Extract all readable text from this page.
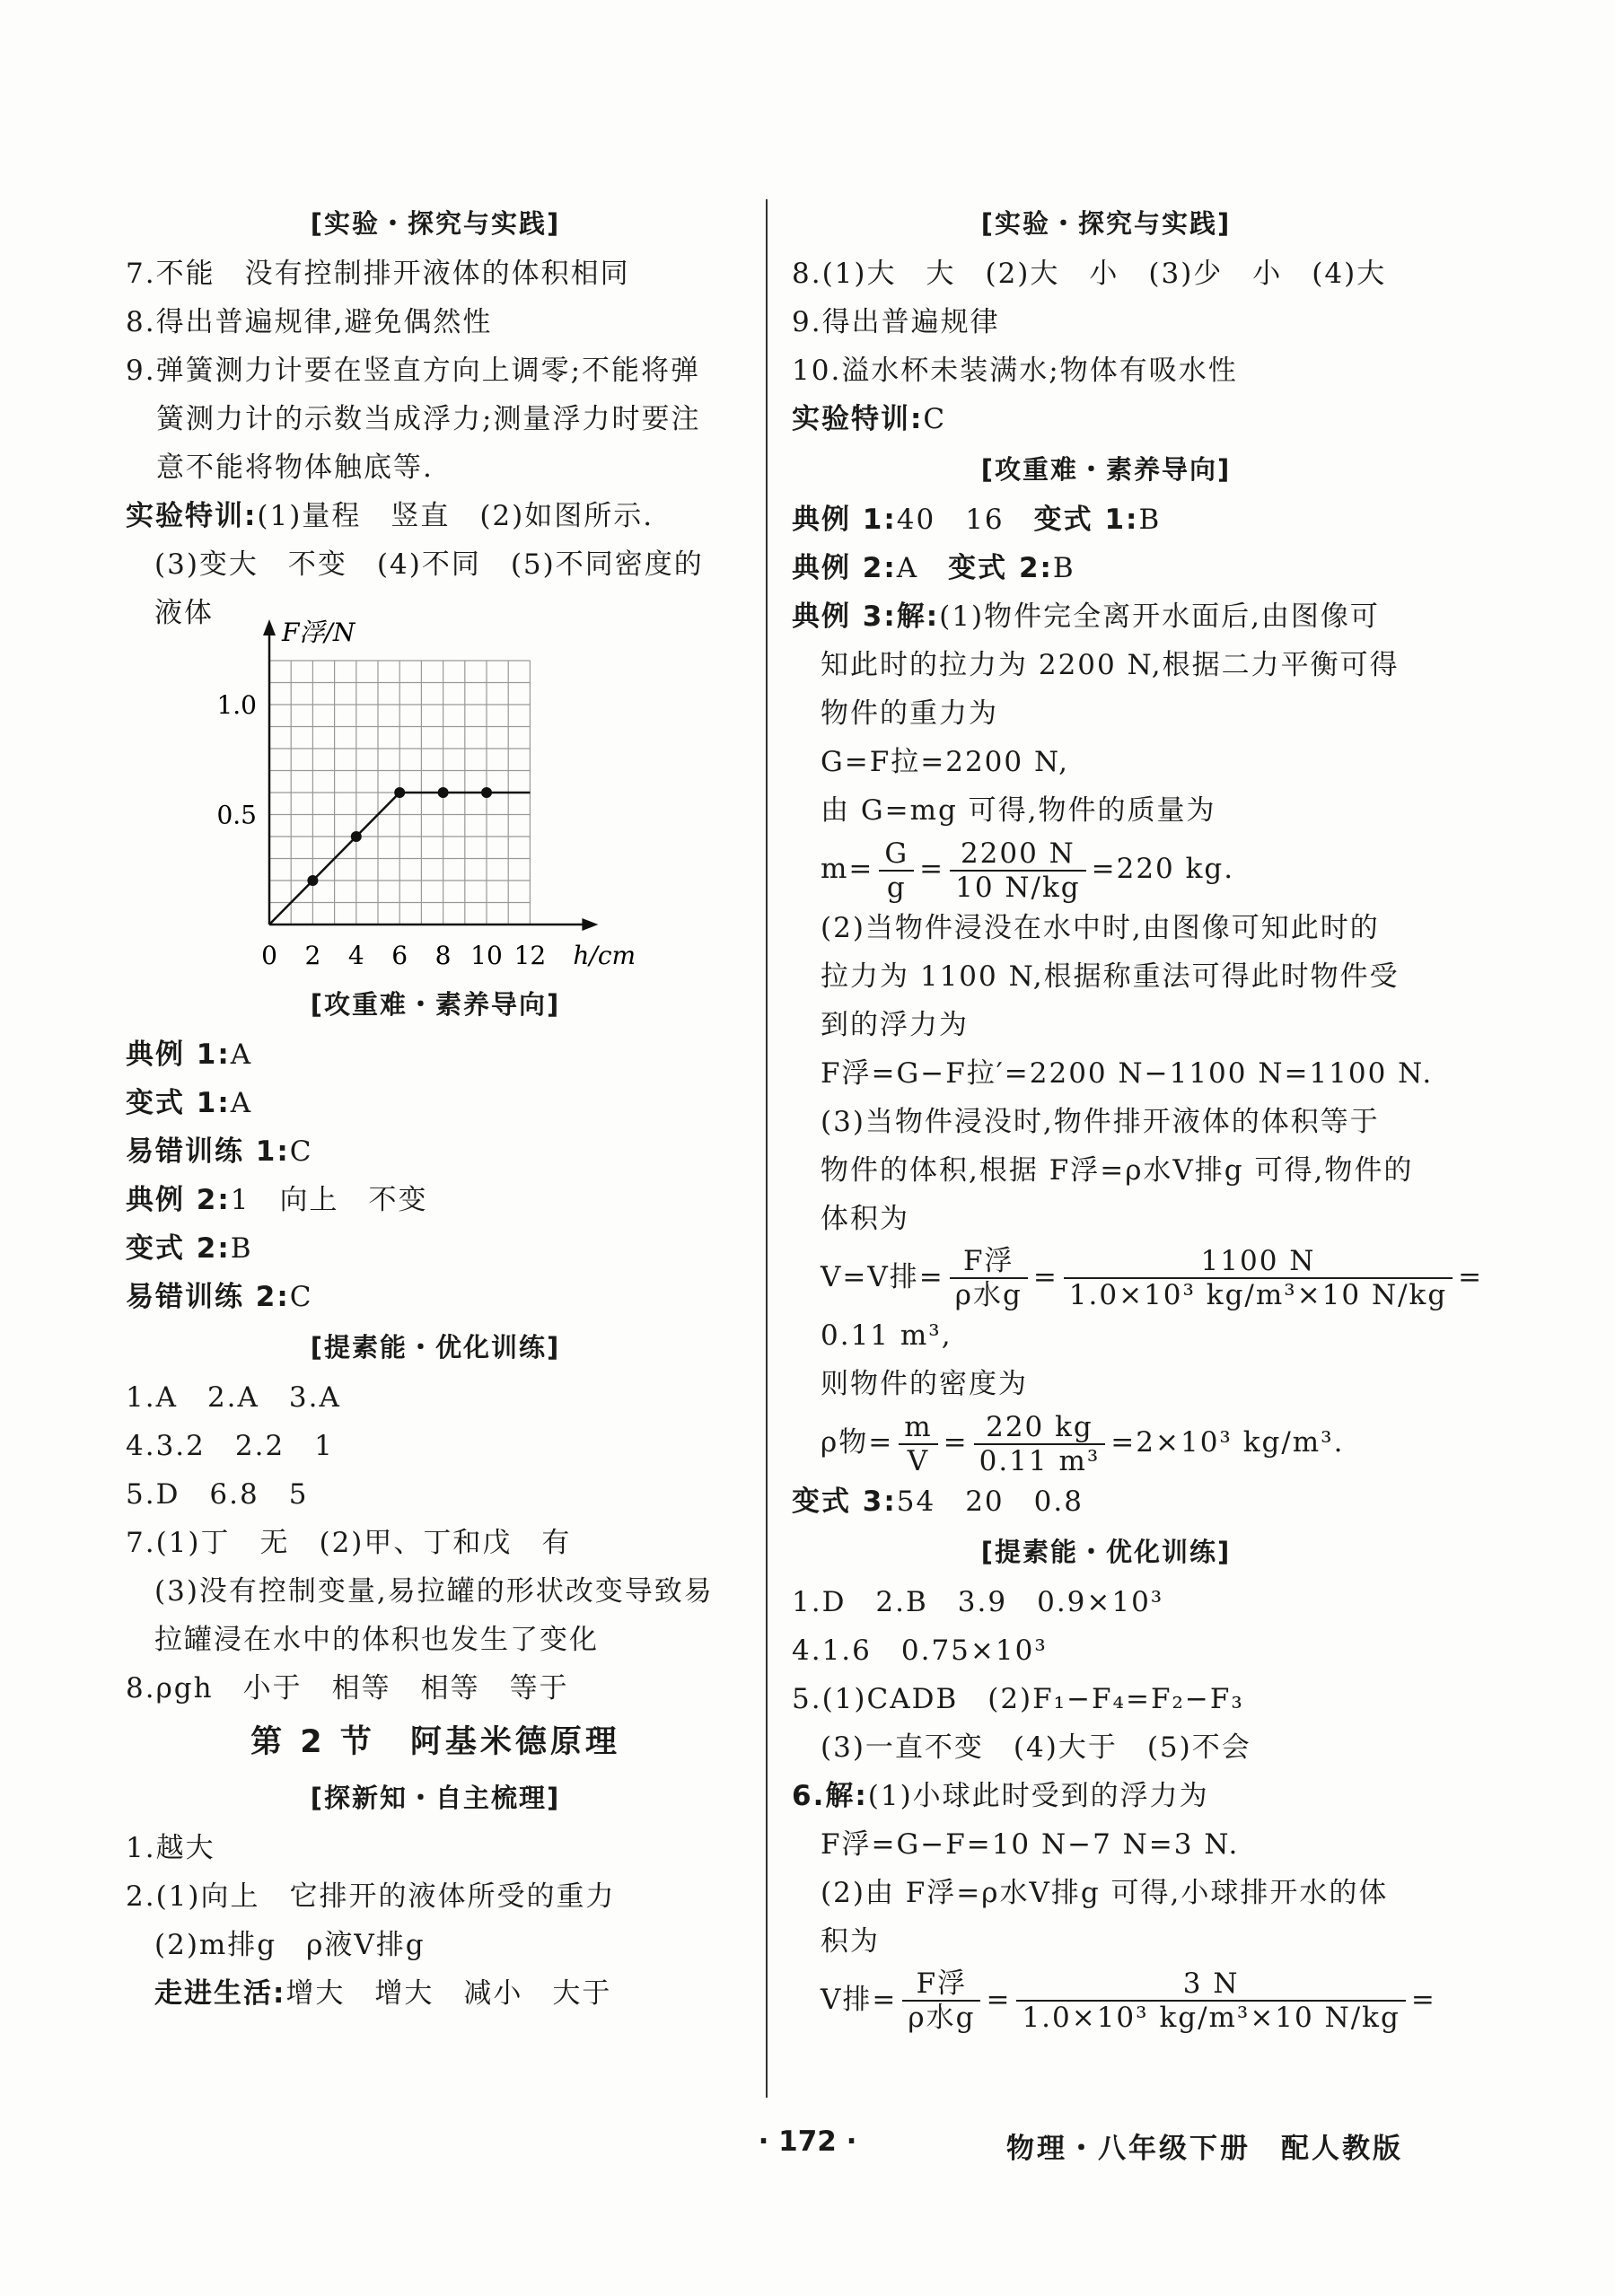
[实验・探究与实践]
7.不能　没有控制排开液体的体积相同
8.得出普遍规律,避免偶然性
9.弹簧测力计要在竖直方向上调零;不能将弹
簧测力计的示数当成浮力;测量浮力时要注
意不能将物体触底等.
实验特训:(1)量程　竖直　(2)如图所示.
(3)变大　不变　(4)不同　(5)不同密度的
液体
F浮/N
h/cm
0 2 4 6 8 10 12
0.5
1.0
[攻重难・素养导向]
典例 1:A
变式 1:A
易错训练 1:C
典例 2:1　向上　不变
变式 2:B
易错训练 2:C
[提素能・优化训练]
1.A　2.A　3.A
4.3.2　2.2　1
5.D　6.8　5
7.(1)丁　无　(2)甲、丁和戊　有
(3)没有控制变量,易拉罐的形状改变导致易
拉罐浸在水中的体积也发生了变化
8.ρgh　小于　相等　相等　等于
第 2 节　阿基米德原理
[探新知・自主梳理]
1.越大
2.(1)向上　它排开的液体所受的重力
(2)m排g　ρ液V排g
走进生活:增大　增大　减小　大于
[实验・探究与实践]
8.(1)大　大　(2)大　小　(3)少　小　(4)大
9.得出普遍规律
10.溢水杯未装满水;物体有吸水性
实验特训:C
[攻重难・素养导向]
典例 1:40　16　变式 1:B
典例 2:A　变式 2:B
典例 3:解:(1)物件完全离开水面后,由图像可
知此时的拉力为 2200 N,根据二力平衡可得
物件的重力为
G=F拉=2200 N,
由 G=mg 可得,物件的质量为
$m= \frac{G}{g} = \frac{2200 N}{10 N/kg} =220$ kg.
(2)当物件浸没在水中时,由图像可知此时的
拉力为 1100 N,根据称重法可得此时物件受
到的浮力为
F浮=G−F拉′=2200 N−1100 N=1100 N.
(3)当物件浸没时,物件排开液体的体积等于
物件的体积,根据 F浮=ρ水V排g 可得,物件的
体积为
V=V排= $\frac{\text{F浮}}{\text{ρ水g}} = \frac{1100 N}{\text{1.0×10³ kg/m³×10 N/kg}}$ =
0.11 m³,
则物件的密度为
ρ物= $\frac{m}{V} = \frac{220 kg}{\text{0.11 m³}} =2\times 10^3$ kg/m³.
变式 3:54　20　0.8
[提素能・优化训练]
1.D　2.B　3.9　0.9×10³
4.1.6　0.75×10³
5.(1)CADB　(2)F₁−F₄=F₂−F₃
(3)一直不变　(4)大于　(5)不会
6.解:(1)小球此时受到的浮力为
F浮=G−F=10 N−7 N=3 N.
(2)由 F浮=ρ水V排g 可得,小球排开水的体
积为
V排= $\frac{\text{F浮}}{\text{ρ水g}} = \frac{3 N}{\text{1.0×10³ kg/m³×10 N/kg}}$ =
· 172 ·	物理・八年级下册　配人教版
